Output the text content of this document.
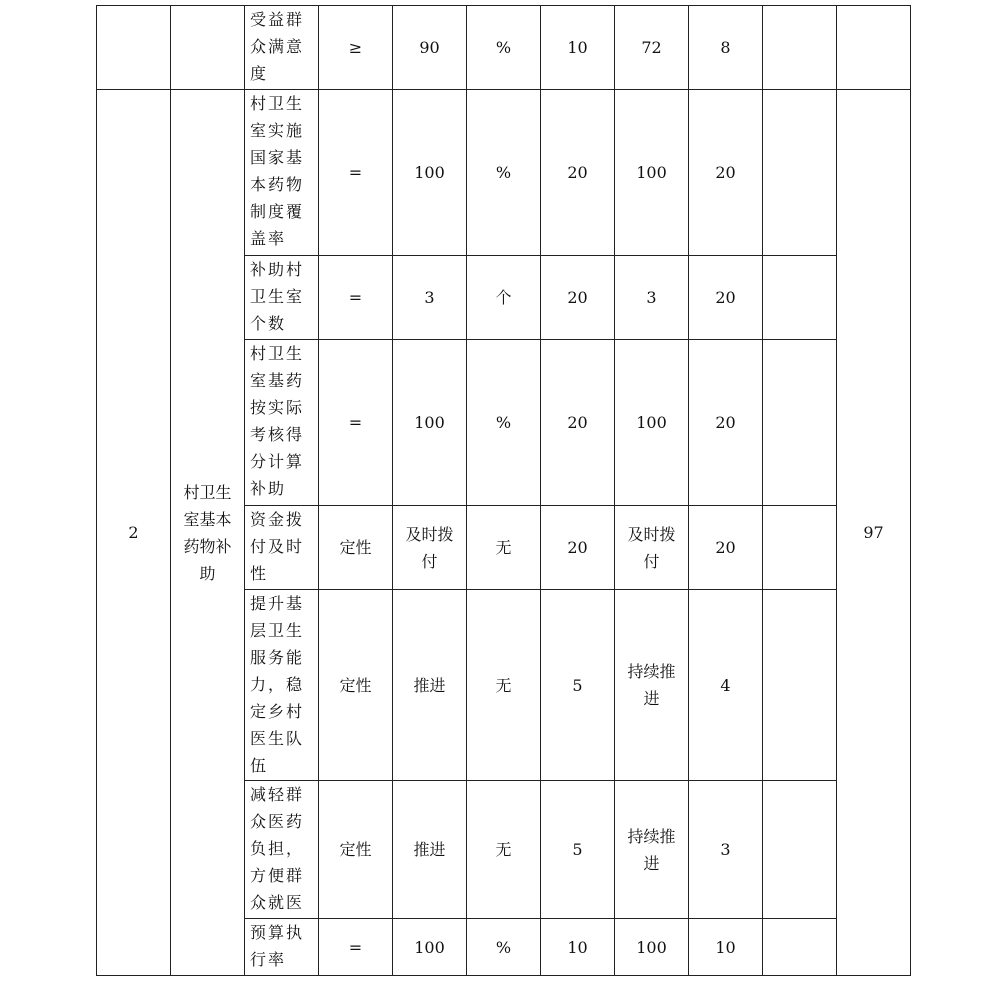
		受益群众满意度	≥	90	%	10	72	8		
2	村卫生室基本药物补助	村卫生室实施国家基本药物制度覆盖率	=	100	%	20	100	20		97

		补助村卫生室个数	=	3	个	20	3	20		

		村卫生室基药按实际考核得分计算补助	=	100	%	20	100	20		

		资金拨付及时性	定性	及时拨付	无	20	及时拨付	20		

		提升基层卫生服务能力，稳定乡村医生队伍	定性	推进	无	5	持续推进	4		

		减轻群众医药负担，方便群众就医	定性	推进	无	5	持续推进	3		

		预算执行率	=	100	%	10	100	10		
